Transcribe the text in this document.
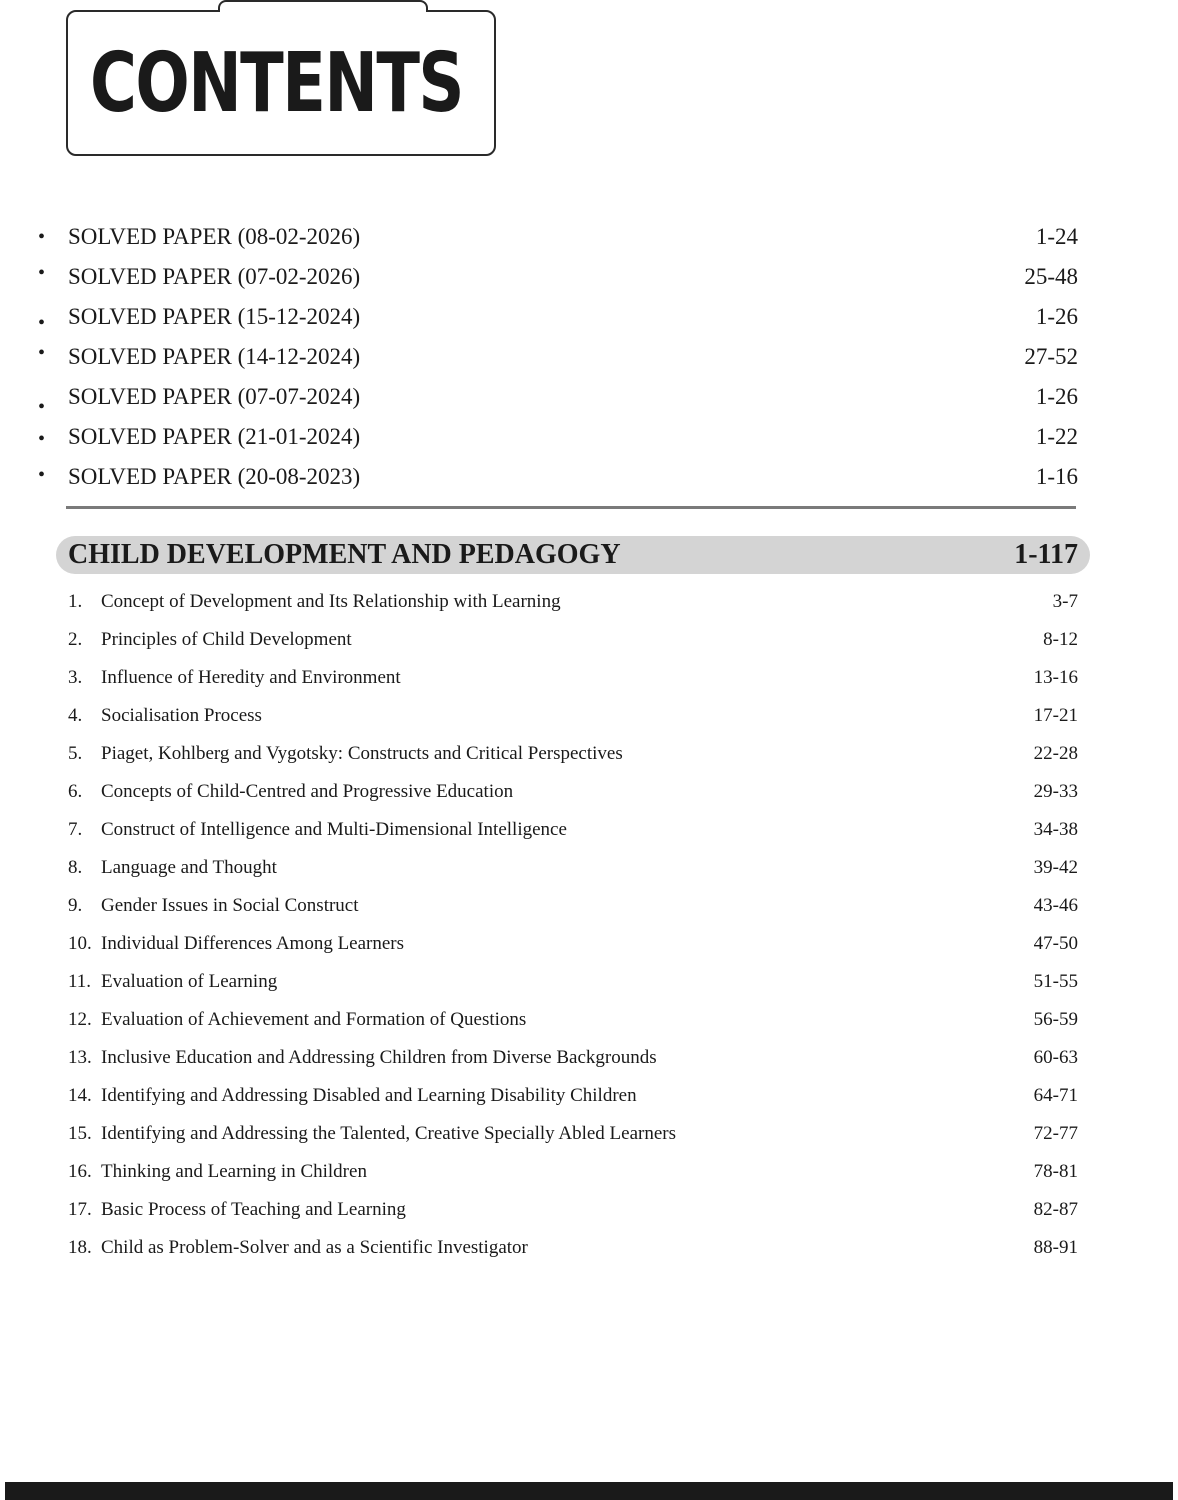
CONTENTS
• SOLVED PAPER (08-02-2026)	1-24
• SOLVED PAPER (07-02-2026)	25-48
• SOLVED PAPER (15-12-2024)	1-26
• SOLVED PAPER (14-12-2024)	27-52
• SOLVED PAPER (07-07-2024)	1-26
• SOLVED PAPER (21-01-2024)	1-22
• SOLVED PAPER (20-08-2023)	1-16
CHILD DEVELOPMENT AND PEDAGOGY	1-117
1. Concept of Development and Its Relationship with Learning	3-7
2. Principles of Child Development	8-12
3. Influence of Heredity and Environment	13-16
4. Socialisation Process	17-21
5. Piaget, Kohlberg and Vygotsky: Constructs and Critical Perspectives	22-28
6. Concepts of Child-Centred and Progressive Education	29-33
7. Construct of Intelligence and Multi-Dimensional Intelligence	34-38
8. Language and Thought	39-42
9. Gender Issues in Social Construct	43-46
10. Individual Differences Among Learners	47-50
11. Evaluation of Learning	51-55
12. Evaluation of Achievement and Formation of Questions	56-59
13. Inclusive Education and Addressing Children from Diverse Backgrounds	60-63
14. Identifying and Addressing Disabled and Learning Disability Children	64-71
15. Identifying and Addressing the Talented, Creative Specially Abled Learners	72-77
16. Thinking and Learning in Children	78-81
17. Basic Process of Teaching and Learning	82-87
18. Child as Problem-Solver and as a Scientific Investigator	88-91
